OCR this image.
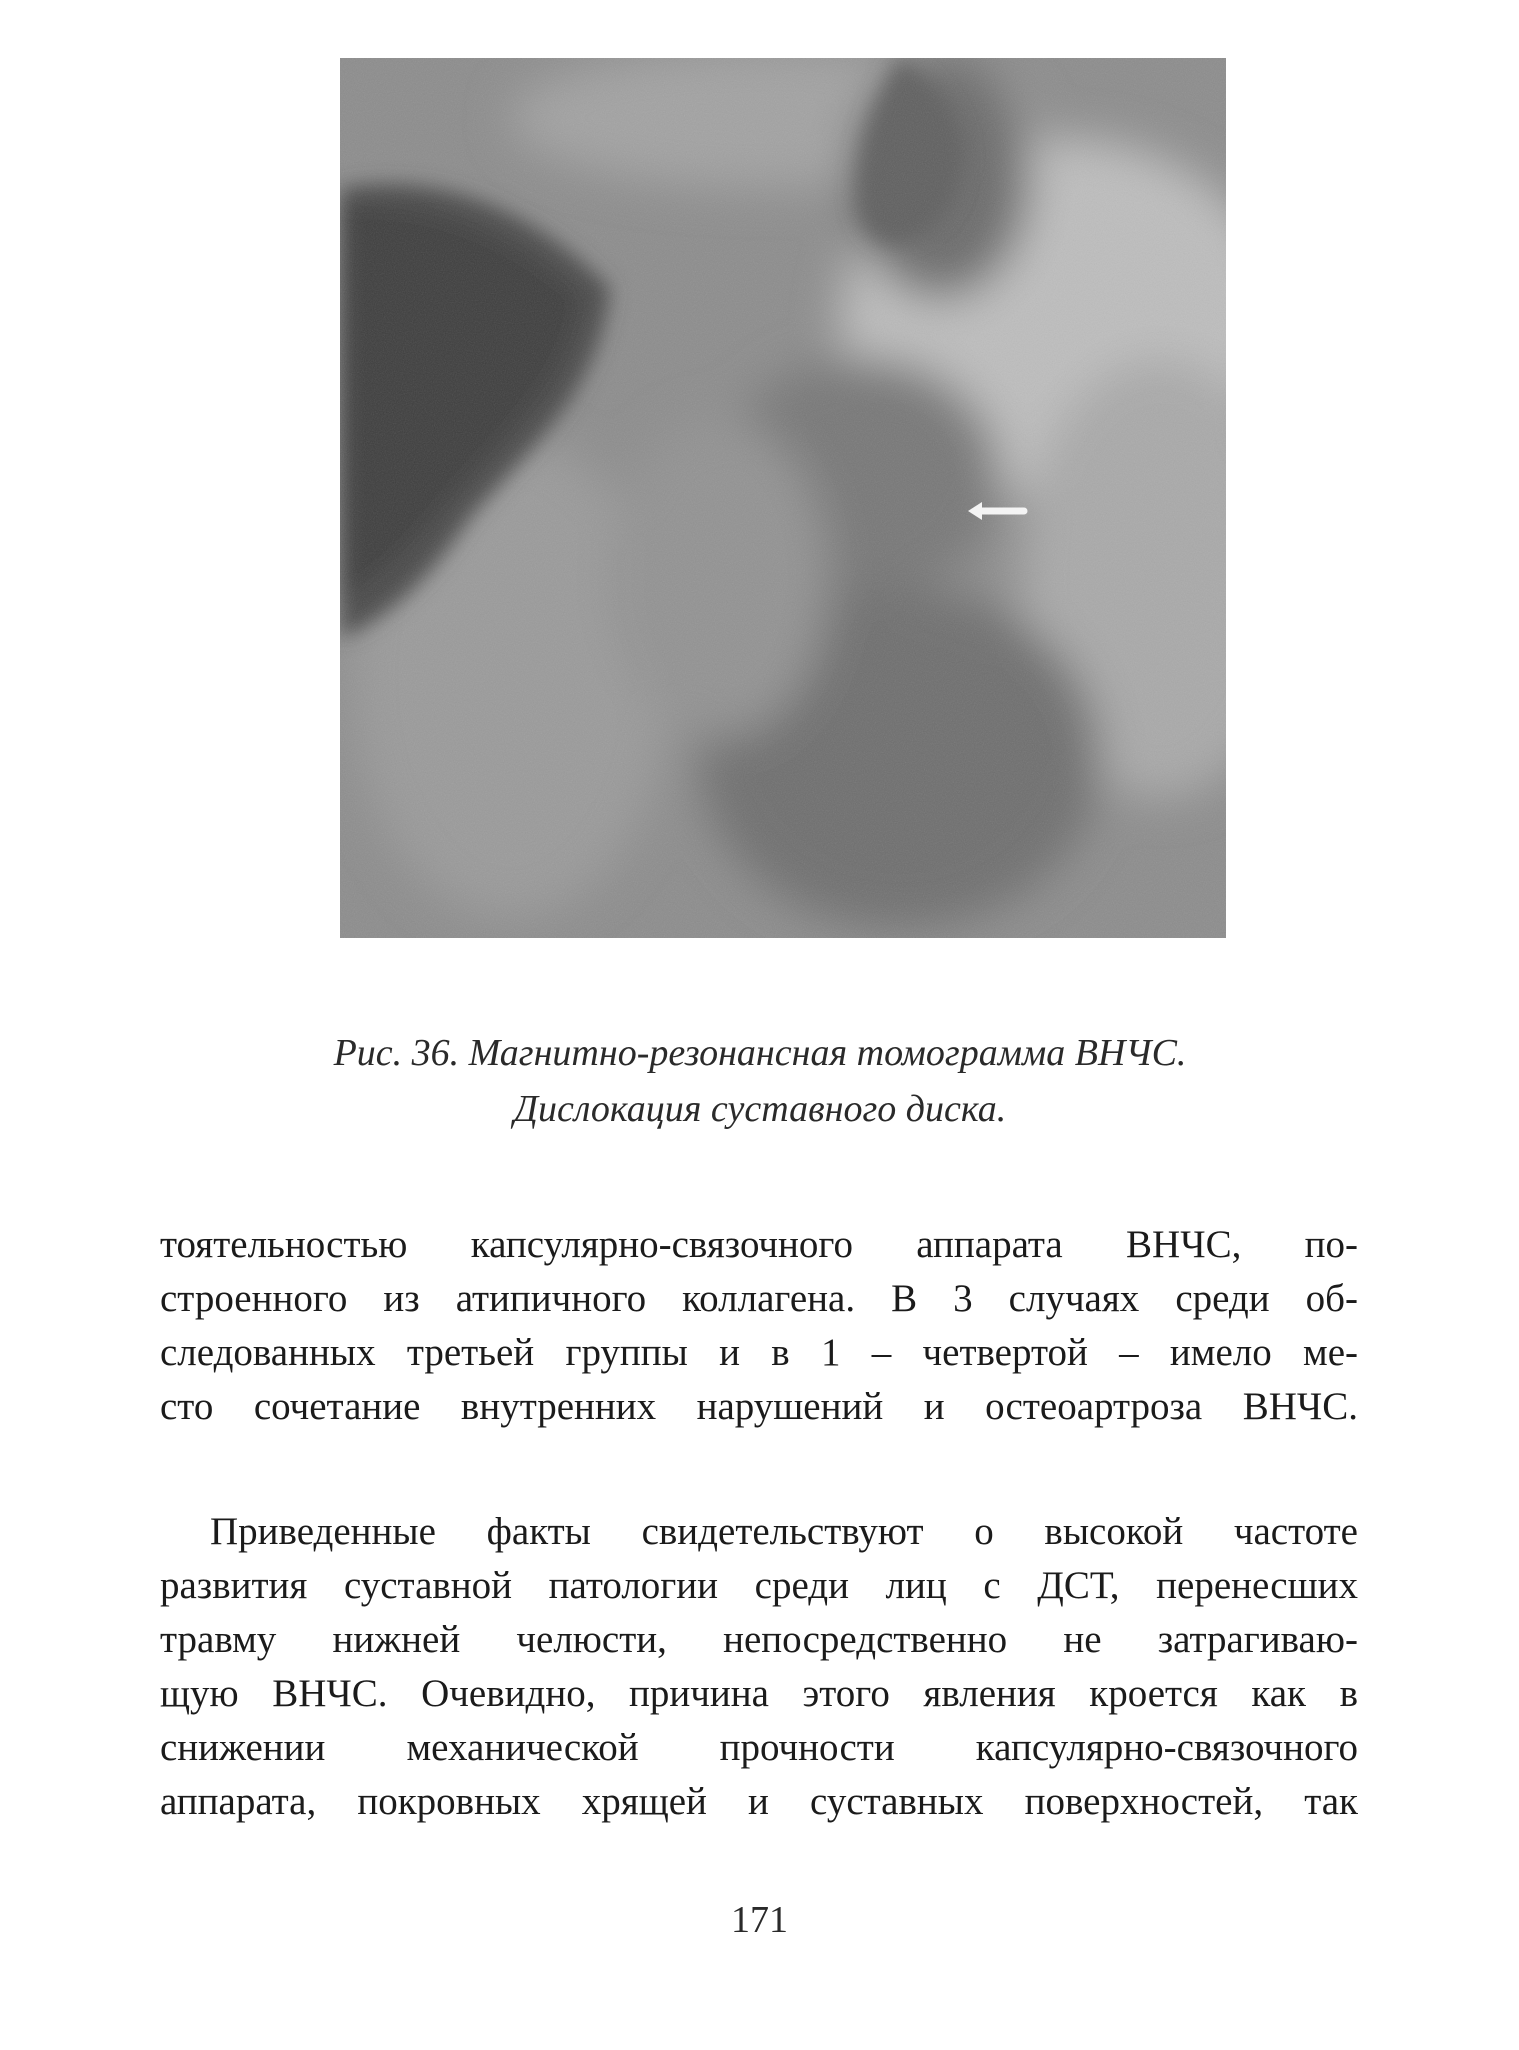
Рис. 36. Магнитно-резонансная томограмма ВНЧС.
Дислокация суставного диска.
тоятельностью капсулярно-связочного аппарата ВНЧС, по-
строенного из атипичного коллагена. В 3 случаях среди об-
следованных третьей группы и в 1 – четвертой – имело ме-
сто сочетание внутренних нарушений и остеоартроза ВНЧС.
Приведенные факты свидетельствуют о высокой частоте
развития суставной патологии среди лиц с ДСТ, перенесших
травму нижней челюсти, непосредственно не затрагиваю-
щую ВНЧС. Очевидно, причина этого явления кроется как в
снижении механической прочности капсулярно-связочного
аппарата, покровных хрящей и суставных поверхностей, так
171
